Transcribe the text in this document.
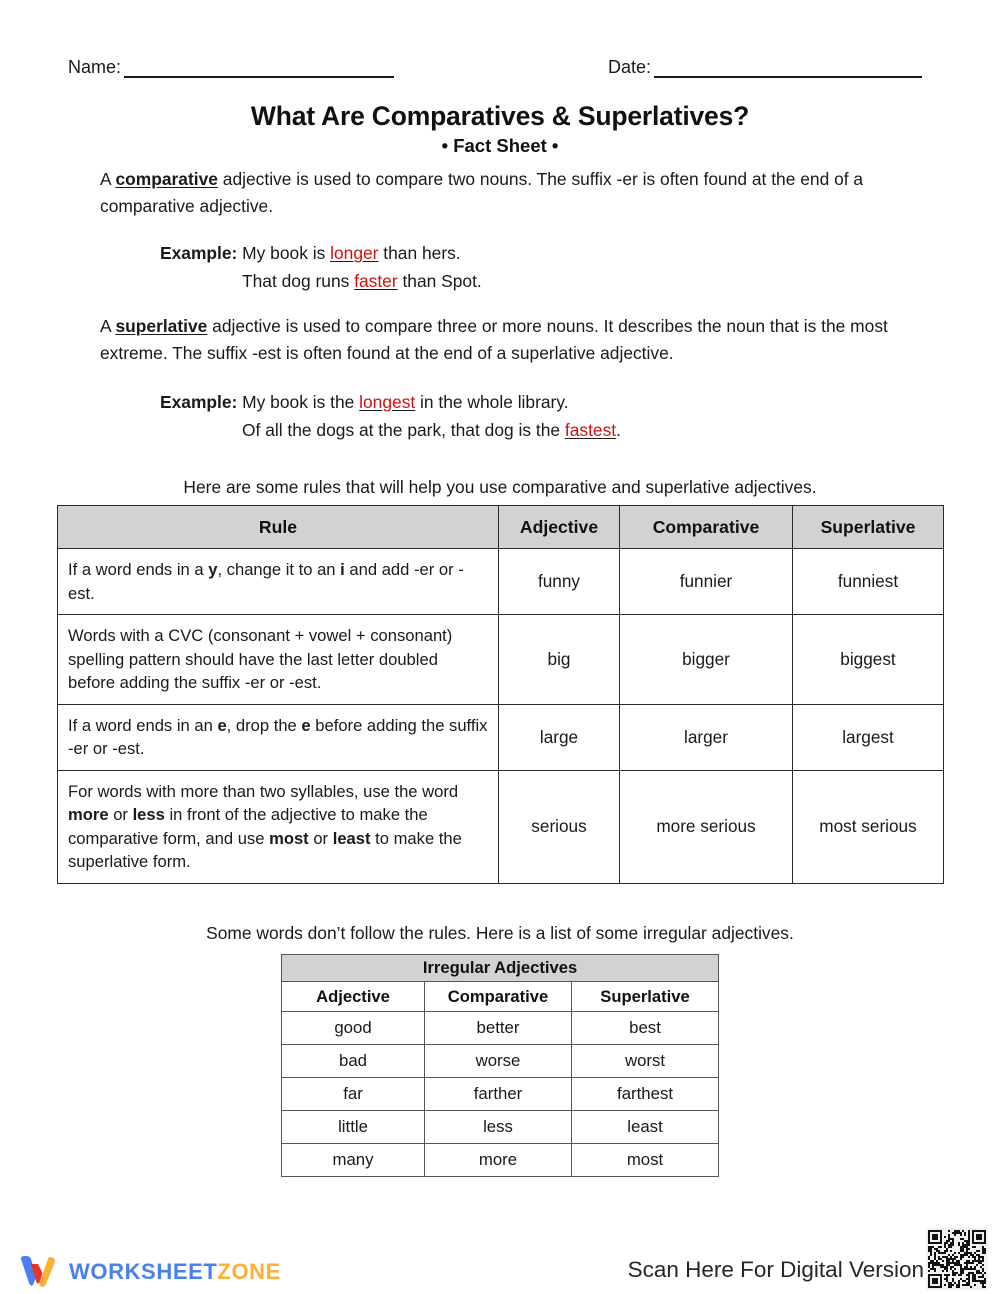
Name:	Date:
What Are Comparatives & Superlatives?
• Fact Sheet •
A comparative adjective is used to compare two nouns. The suffix -er is often found at the end of a comparative adjective.
Example: My book is longer than hers.
That dog runs faster than Spot.
A superlative adjective is used to compare three or more nouns. It describes the noun that is the most extreme. The suffix -est is often found at the end of a superlative adjective.
Example: My book is the longest in the whole library.
Of all the dogs at the park, that dog is the fastest.
Here are some rules that will help you use comparative and superlative adjectives.
Rule	Adjective	Comparative	Superlative
If a word ends in a y, change it to an i and add -er or -est.	funny	funnier	funniest
Words with a CVC (consonant + vowel + consonant) spelling pattern should have the last letter doubled before adding the suffix -er or -est.	big	bigger	biggest
If a word ends in an e, drop the e before adding the suffix -er or -est.	large	larger	largest
For words with more than two syllables, use the word more or less in front of the adjective to make the comparative form, and use most or least to make the superlative form.	serious	more serious	most serious
Some words don’t follow the rules. Here is a list of some irregular adjectives.
Irregular Adjectives		
Adjective	Comparative	Superlative
good	better	best
bad	worse	worst
far	farther	farthest
little	less	least
many	more	most
WORKSHEETZONE	Scan Here For Digital Version
